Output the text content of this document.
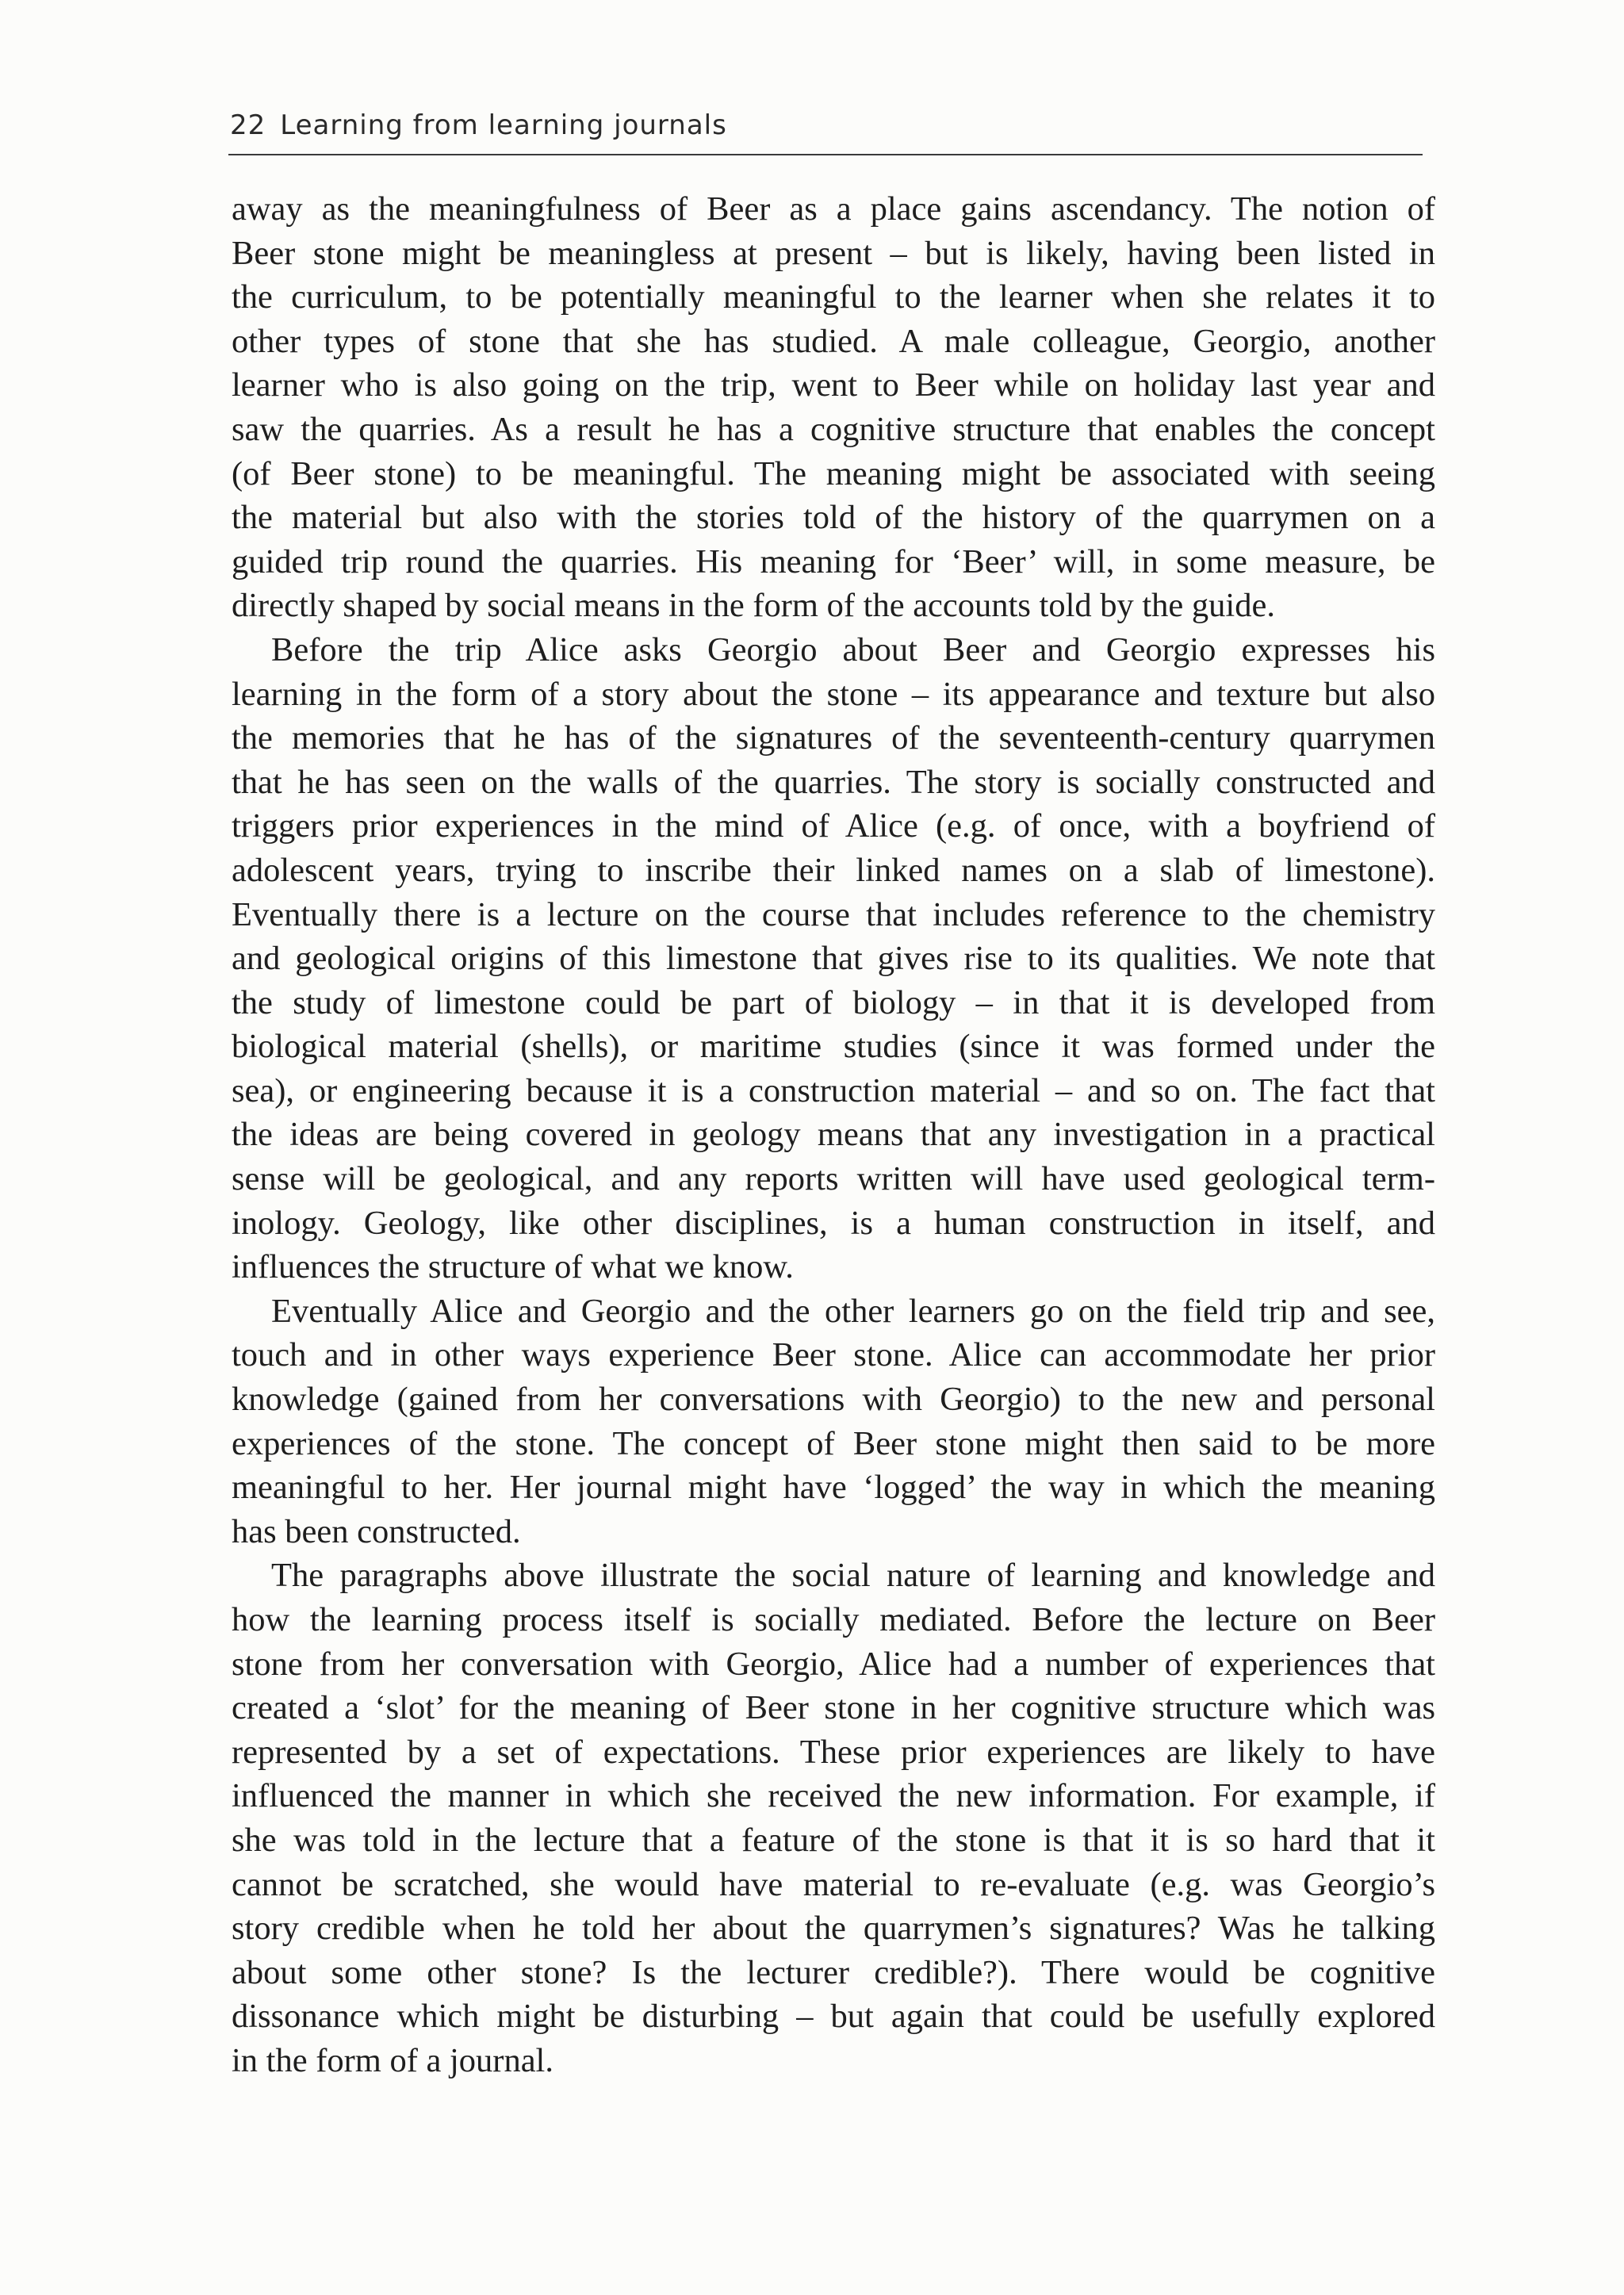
22 Learning from learning journals

away as the meaningfulness of Beer as a place gains ascendancy. The notion of
Beer stone might be meaningless at present – but is likely, having been listed in
the curriculum, to be potentially meaningful to the learner when she relates it to
other types of stone that she has studied. A male colleague, Georgio, another
learner who is also going on the trip, went to Beer while on holiday last year and
saw the quarries. As a result he has a cognitive structure that enables the concept
(of Beer stone) to be meaningful. The meaning might be associated with seeing
the material but also with the stories told of the history of the quarrymen on a
guided trip round the quarries. His meaning for ‘Beer’ will, in some measure, be
directly shaped by social means in the form of the accounts told by the guide.

Before the trip Alice asks Georgio about Beer and Georgio expresses his
learning in the form of a story about the stone – its appearance and texture but also
the memories that he has of the signatures of the seventeenth-century quarrymen
that he has seen on the walls of the quarries. The story is socially constructed and
triggers prior experiences in the mind of Alice (e.g. of once, with a boyfriend of
adolescent years, trying to inscribe their linked names on a slab of limestone).
Eventually there is a lecture on the course that includes reference to the chemistry
and geological origins of this limestone that gives rise to its qualities. We note that
the study of limestone could be part of biology – in that it is developed from
biological material (shells), or maritime studies (since it was formed under the
sea), or engineering because it is a construction material – and so on. The fact that
the ideas are being covered in geology means that any investigation in a practical
sense will be geological, and any reports written will have used geological term-
inology. Geology, like other disciplines, is a human construction in itself, and
influences the structure of what we know.

Eventually Alice and Georgio and the other learners go on the field trip and see,
touch and in other ways experience Beer stone. Alice can accommodate her prior
knowledge (gained from her conversations with Georgio) to the new and personal
experiences of the stone. The concept of Beer stone might then said to be more
meaningful to her. Her journal might have ‘logged’ the way in which the meaning
has been constructed.

The paragraphs above illustrate the social nature of learning and knowledge and
how the learning process itself is socially mediated. Before the lecture on Beer
stone from her conversation with Georgio, Alice had a number of experiences that
created a ‘slot’ for the meaning of Beer stone in her cognitive structure which was
represented by a set of expectations. These prior experiences are likely to have
influenced the manner in which she received the new information. For example, if
she was told in the lecture that a feature of the stone is that it is so hard that it
cannot be scratched, she would have material to re-evaluate (e.g. was Georgio’s
story credible when he told her about the quarrymen’s signatures? Was he talking
about some other stone? Is the lecturer credible?). There would be cognitive
dissonance which might be disturbing – but again that could be usefully explored
in the form of a journal.
